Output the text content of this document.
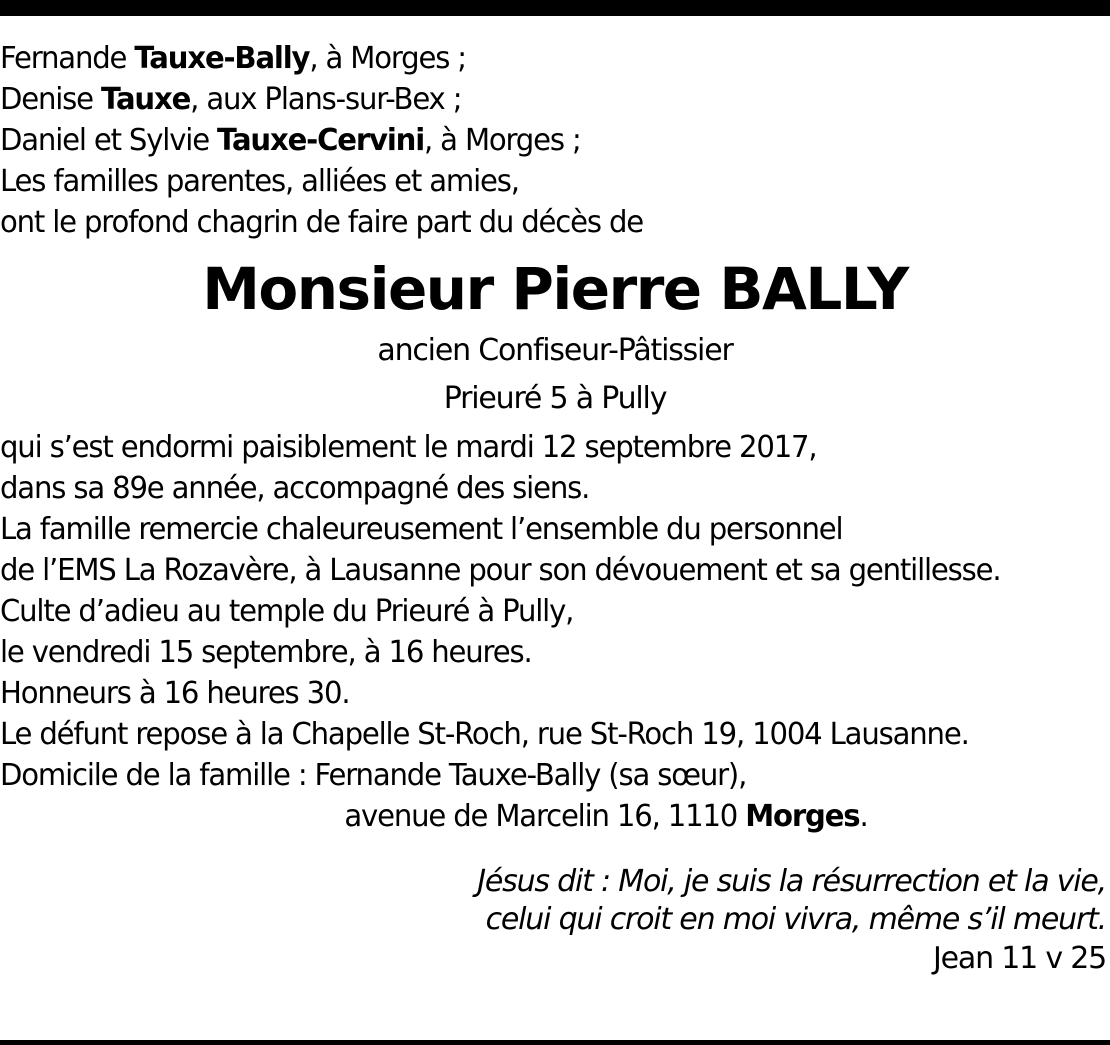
Fernande Tauxe-Bally, à Morges ;
Denise Tauxe, aux Plans-sur-Bex ;
Daniel et Sylvie Tauxe-Cervini, à Morges ;
Les familles parentes, alliées et amies,
ont le profond chagrin de faire part du décès de
Monsieur Pierre BALLY
ancien Confiseur-Pâtissier
Prieuré 5 à Pully
qui s’est endormi paisiblement le mardi 12 septembre 2017,
dans sa 89e année, accompagné des siens.
La famille remercie chaleureusement l’ensemble du personnel
de l’EMS La Rozavère, à Lausanne pour son dévouement et sa gentillesse.
Culte d’adieu au temple du Prieuré à Pully,
le vendredi 15 septembre, à 16 heures.
Honneurs à 16 heures 30.
Le défunt repose à la Chapelle St-Roch, rue St-Roch 19, 1004 Lausanne.
Domicile de la famille : Fernande Tauxe-Bally (sa sœur),
avenue de Marcelin 16, 1110 Morges.
Jésus dit : Moi, je suis la résurrection et la vie,
celui qui croit en moi vivra, même s’il meurt.
Jean 11 v 25
